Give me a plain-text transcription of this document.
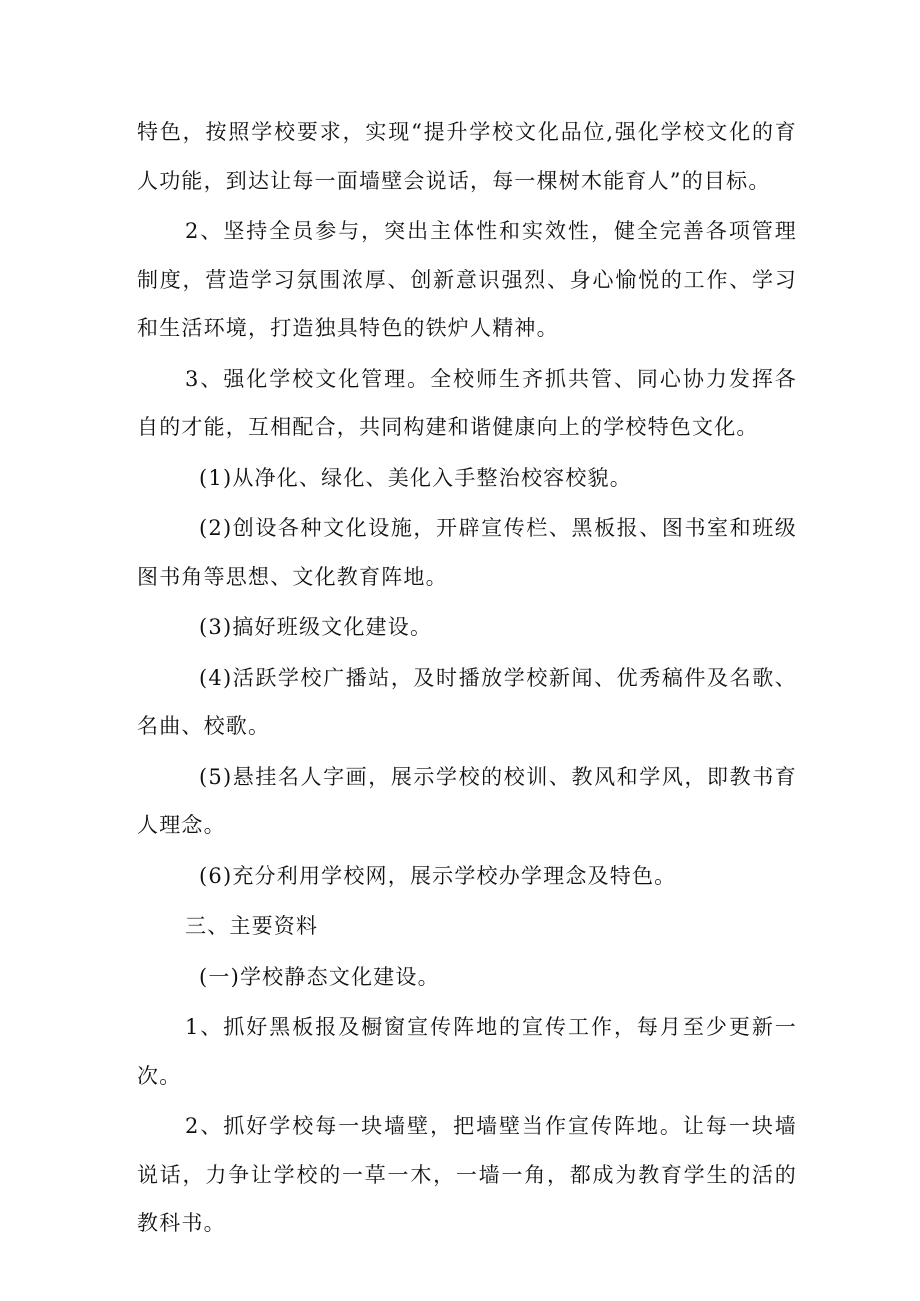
特色，按照学校要求，实现“提升学校文化品位,强化学校文化的育人功能，到达让每一面墙壁会说话，每一棵树木能育人”的目标。

2、坚持全员参与，突出主体性和实效性，健全完善各项管理制度，营造学习氛围浓厚、创新意识强烈、身心愉悦的工作、学习和生活环境，打造独具特色的铁炉人精神。

3、强化学校文化管理。全校师生齐抓共管、同心协力发挥各自的才能，互相配合，共同构建和谐健康向上的学校特色文化。

(1)从净化、绿化、美化入手整治校容校貌。

(2)创设各种文化设施，开辟宣传栏、黑板报、图书室和班级图书角等思想、文化教育阵地。

(3)搞好班级文化建设。

(4)活跃学校广播站，及时播放学校新闻、优秀稿件及名歌、名曲、校歌。

(5)悬挂名人字画，展示学校的校训、教风和学风，即教书育人理念。

(6)充分利用学校网，展示学校办学理念及特色。

三、主要资料

(一)学校静态文化建设。

1、抓好黑板报及橱窗宣传阵地的宣传工作，每月至少更新一次。

2、抓好学校每一块墙壁，把墙壁当作宣传阵地。让每一块墙说话，力争让学校的一草一木，一墙一角，都成为教育学生的活的教科书。
